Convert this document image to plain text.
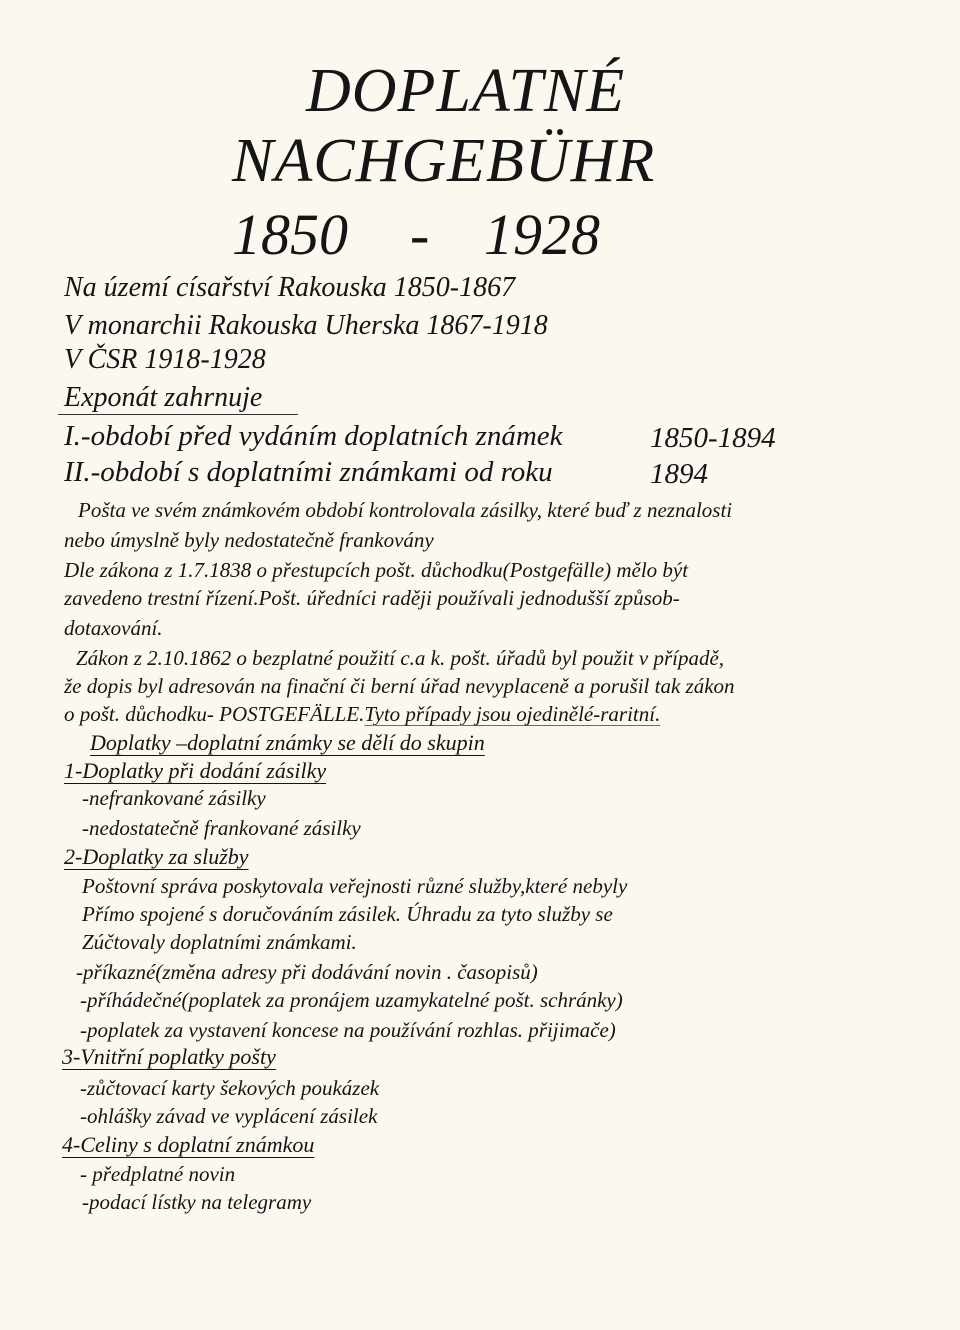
DOPLATNÉ
NACHGEBÜHR
1850 - 1928
Na území císařství Rakouska 1850-1867
V monarchii Rakouska Uherska 1867-1918
V ČSR 1918-1928
Exponát zahrnuje
I.-období před vydáním doplatních známek	1850-1894
II.-období s doplatními známkami od roku	1894
Pošta ve svém známkovém období kontrolovala zásilky, které buď z neznalosti
nebo úmyslně byly nedostatečně frankovány
Dle zákona z 1.7.1838 o přestupcích pošt. důchodku(Postgefälle) mělo být
zavedeno trestní řízení.Pošt. úředníci raději používali jednodušší způsob-
dotaxování.
Zákon z 2.10.1862 o bezplatné použití c.a k. pošt. úřadů byl použit v případě,
že dopis byl adresován na finační či berní úřad nevyplaceně a porušil tak zákon
o pošt. důchodku- POSTGEFÄLLE.Tyto případy jsou ojedinělé-raritní.
Doplatky –doplatní známky se dělí do skupin
1-Doplatky při dodání zásilky
-nefrankované zásilky
-nedostatečně frankované zásilky
2-Doplatky za služby
Poštovní správa poskytovala veřejnosti různé služby,které nebyly
Přímo spojené s doručováním zásilek. Úhradu za tyto služby se
Zúčtovaly doplatními známkami.
-příkazné(změna adresy při dodávání novin . časopisů)
-příhádečné(poplatek za pronájem uzamykatelné pošt. schránky)
-poplatek za vystavení koncese na používání rozhlas. přijimače)
3-Vnitřní poplatky pošty
-zůčtovací karty šekových poukázek
-ohlášky závad ve vyplácení zásilek
4-Celiny s doplatní známkou
- předplatné novin
-podací lístky na telegramy
